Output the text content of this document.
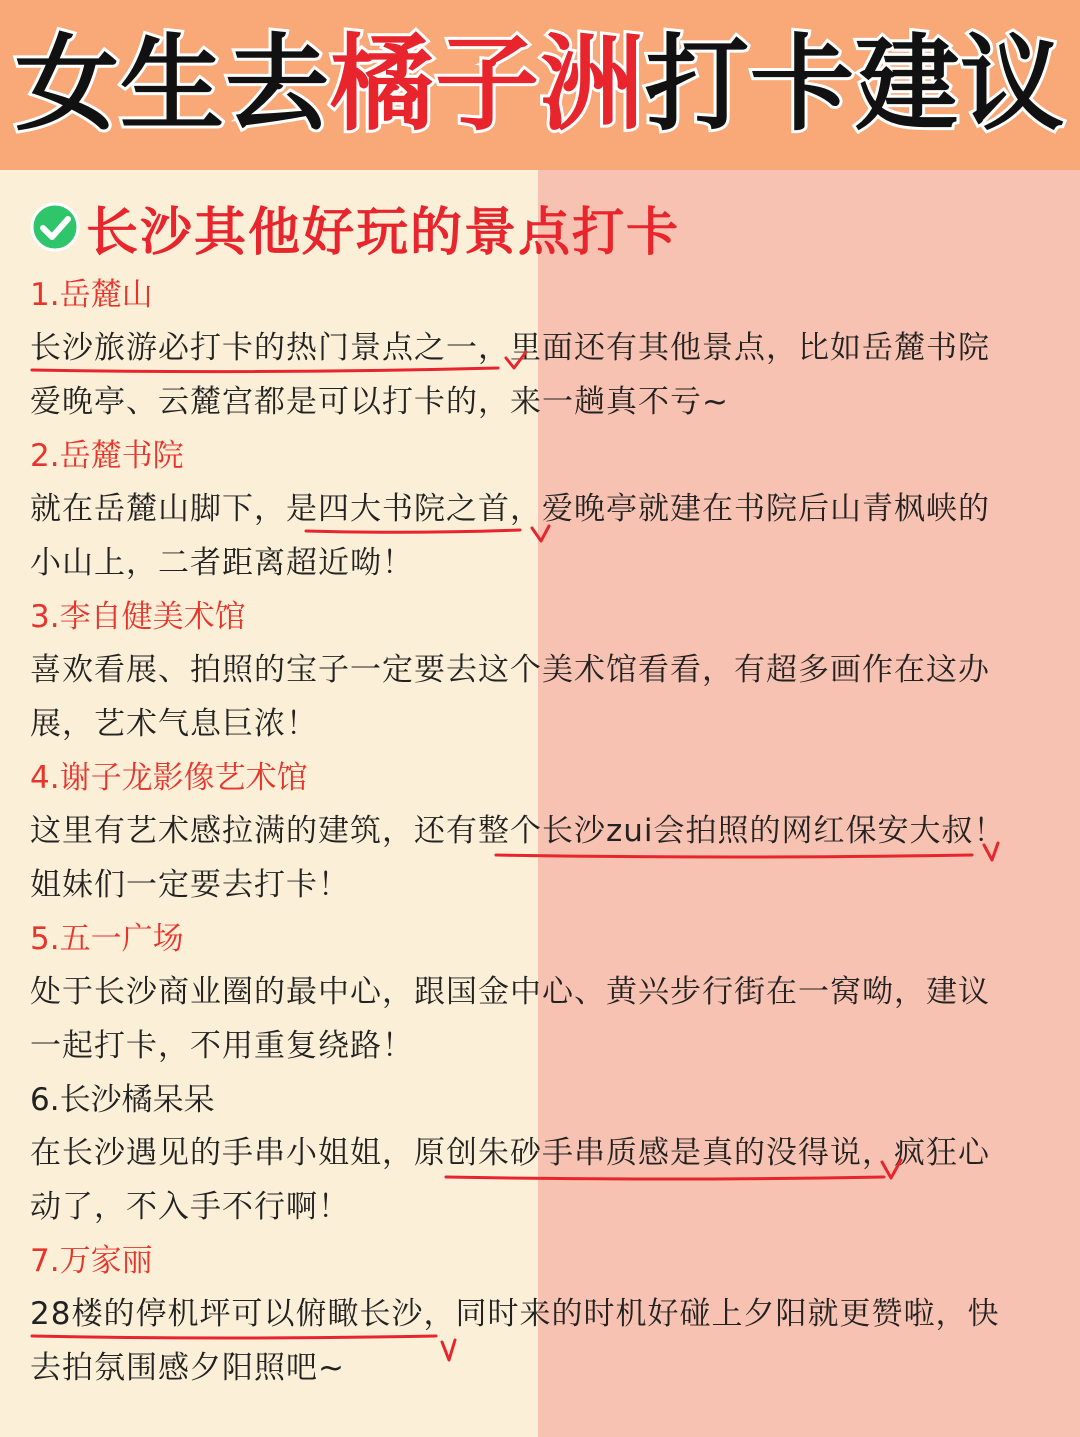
女生去橘子洲打卡建议
长沙其他好玩的景点打卡
1.岳麓山
长沙旅游必打卡的热门景点之一，里面还有其他景点，比如岳麓书院
爱晚亭、云麓宫都是可以打卡的，来一趟真不亏~
2.岳麓书院
就在岳麓山脚下，是四大书院之首，爱晚亭就建在书院后山青枫峡的
小山上，二者距离超近呦！
3.李自健美术馆
喜欢看展、拍照的宝子一定要去这个美术馆看看，有超多画作在这办
展，艺术气息巨浓！
4.谢子龙影像艺术馆
这里有艺术感拉满的建筑，还有整个长沙zui会拍照的网红保安大叔！
姐妹们一定要去打卡！
5.五一广场
处于长沙商业圈的最中心，跟国金中心、黄兴步行街在一窝呦，建议
一起打卡，不用重复绕路！
6.长沙橘呆呆
在长沙遇见的手串小姐姐，原创朱砂手串质感是真的没得说，疯狂心
动了，不入手不行啊！
7.万家丽
28楼的停机坪可以俯瞰长沙，同时来的时机好碰上夕阳就更赞啦，快
去拍氛围感夕阳照吧~
